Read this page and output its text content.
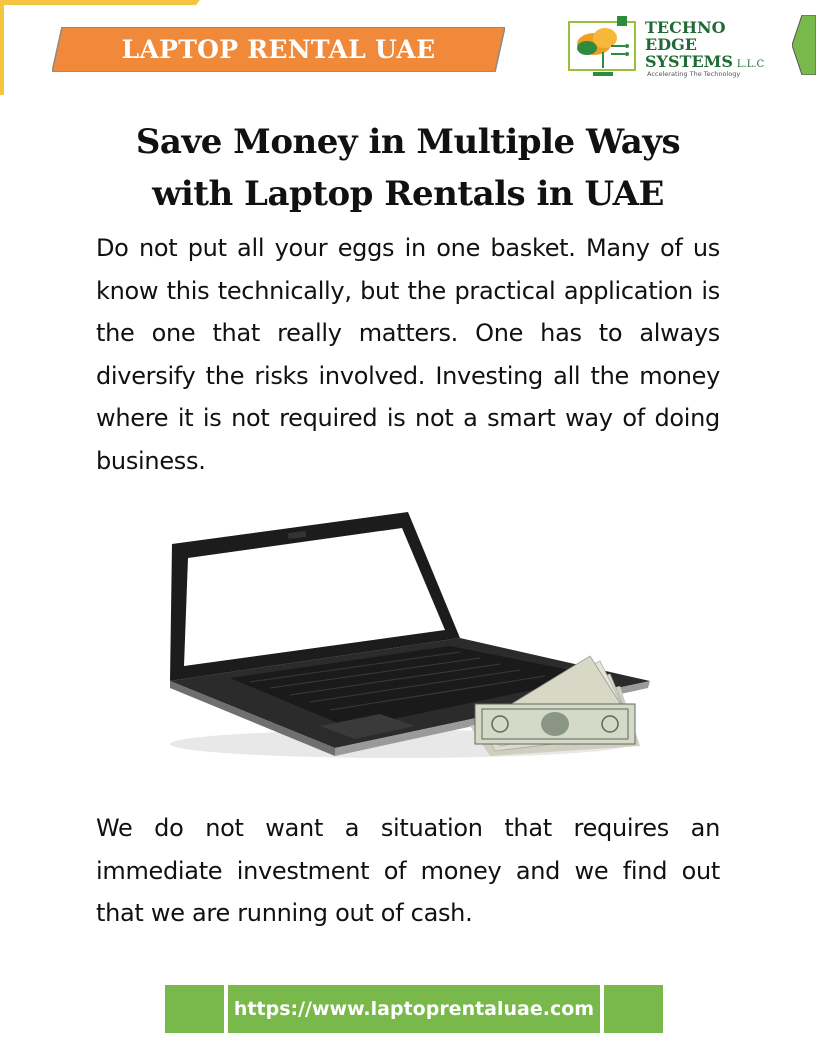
LAPTOP RENTAL UAE
TECHNO
EDGE
SYSTEMS L.L.C
Accelerating The Technology
Save Money in Multiple Ways
with Laptop Rentals in UAE

Do not put all your eggs in one basket. Many of us know this technically, but the practical application is the one that really matters. One has to always diversify the risks involved. Investing all the money where it is not required is not a smart way of doing business.

We do not want a situation that requires an immediate investment of money and we find out that we are running out of cash.

https://www.laptoprentaluae.com
